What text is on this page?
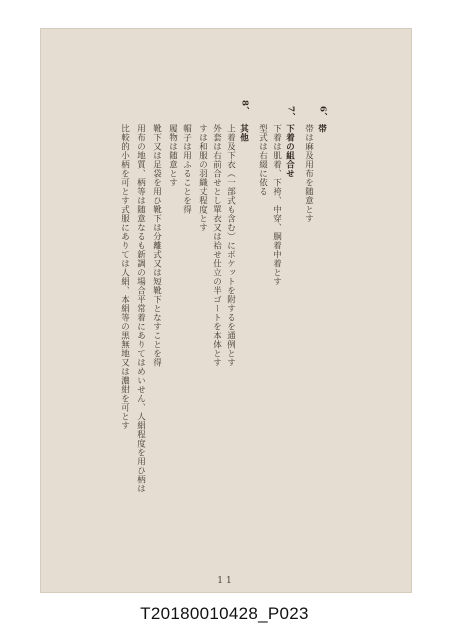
6、
帯
帯は麻及用布を随意とす
7、
下着の組合せ
下着は肌着、下袴、中穿、胴着中着とす
型式は右綴に依る
8、
其他
上着及下衣（一部式も含む）にポケットを附するを通例とす
外套は右前合せとし單衣又は袷せ仕立の半ゴートを本体とす
すは和服の羽織丈程度とす
帽子は用ふることを得
履物は随意とす
靴下又は足袋を用ひ靴下は分離式又は短靴下となすことを得
用布の地質、柄等は随意なるも新調の場合平常着にありてはめいせん、人絹程度を用ひ柄は
比較的小柄を可とす式服にありては人絹、本絹等の黒無地又は濃紺を可とす
11
T20180010428_P023
